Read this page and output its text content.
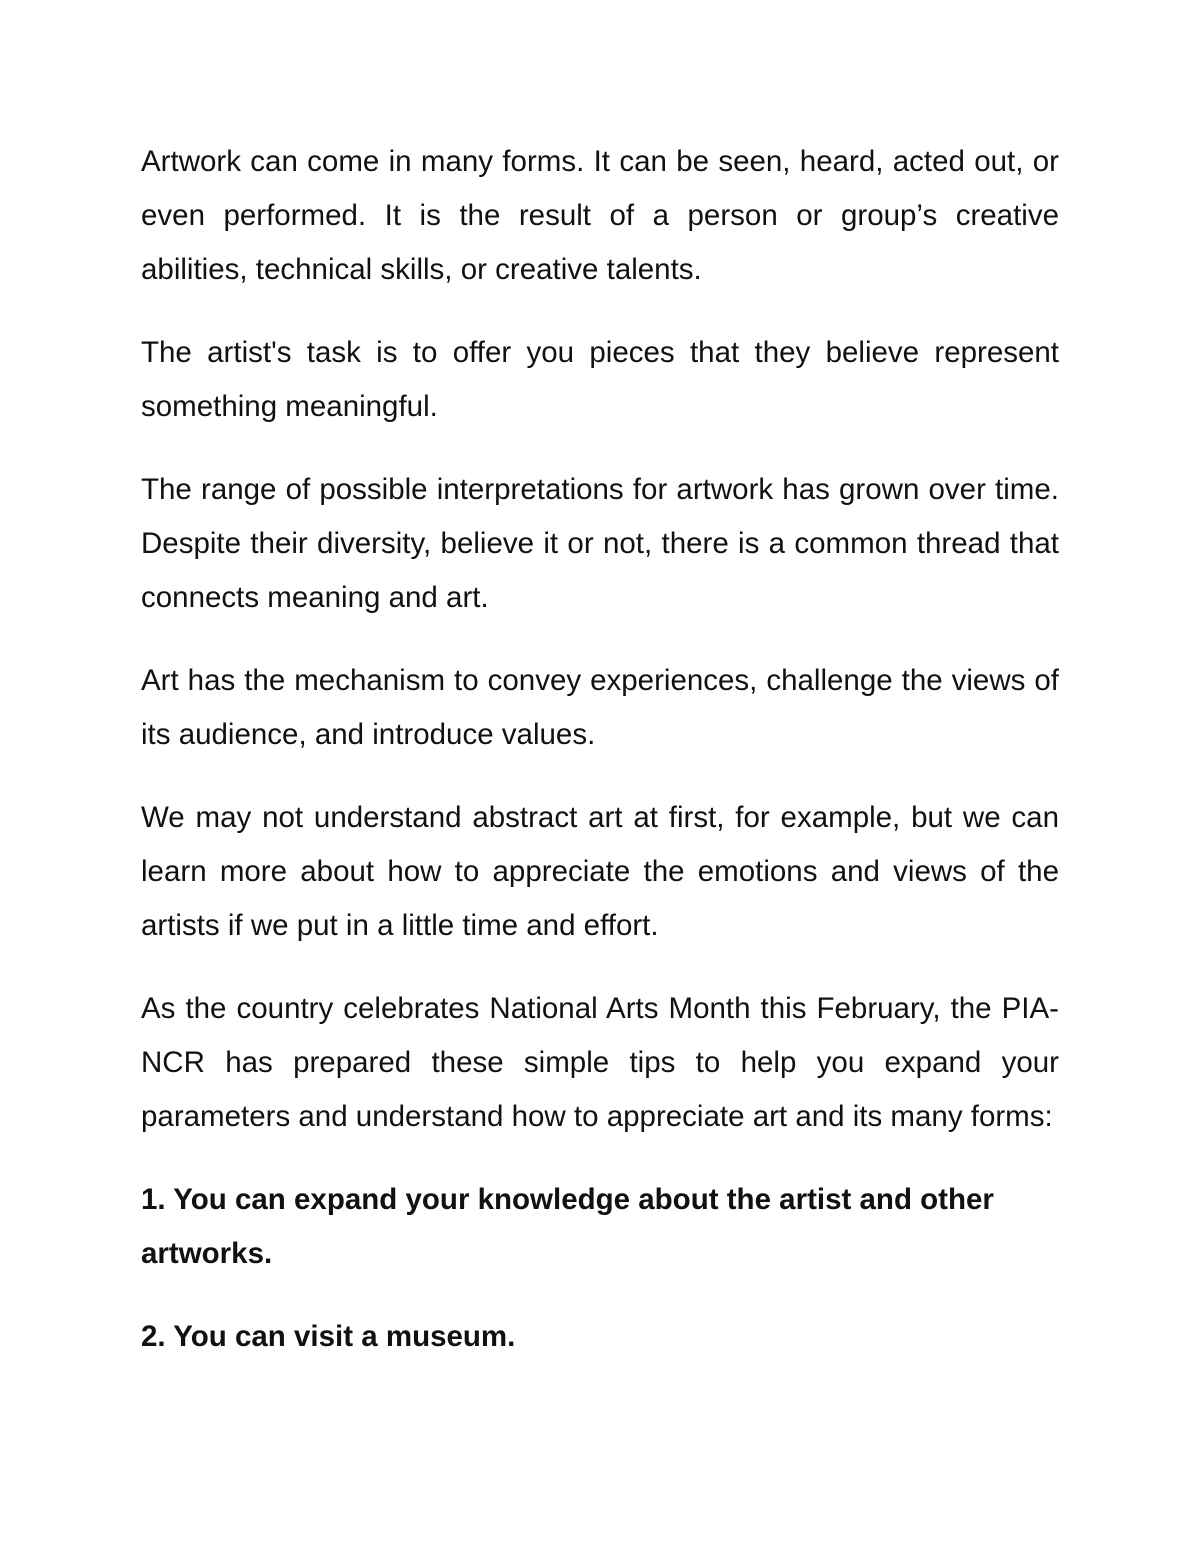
Artwork can come in many forms. It can be seen, heard, acted out, or even performed. It is the result of a person or group’s creative abilities, technical skills, or creative talents.

The artist's task is to offer you pieces that they believe represent something meaningful.

The range of possible interpretations for artwork has grown over time. Despite their diversity, believe it or not, there is a common thread that connects meaning and art.

Art has the mechanism to convey experiences, challenge the views of its audience, and introduce values.

We may not understand abstract art at first, for example, but we can learn more about how to appreciate the emotions and views of the artists if we put in a little time and effort.

As the country celebrates National Arts Month this February, the PIA-NCR has prepared these simple tips to help you expand your parameters and understand how to appreciate art and its many forms:

1. You can expand your knowledge about the artist and other artworks.

2. You can visit a museum.
